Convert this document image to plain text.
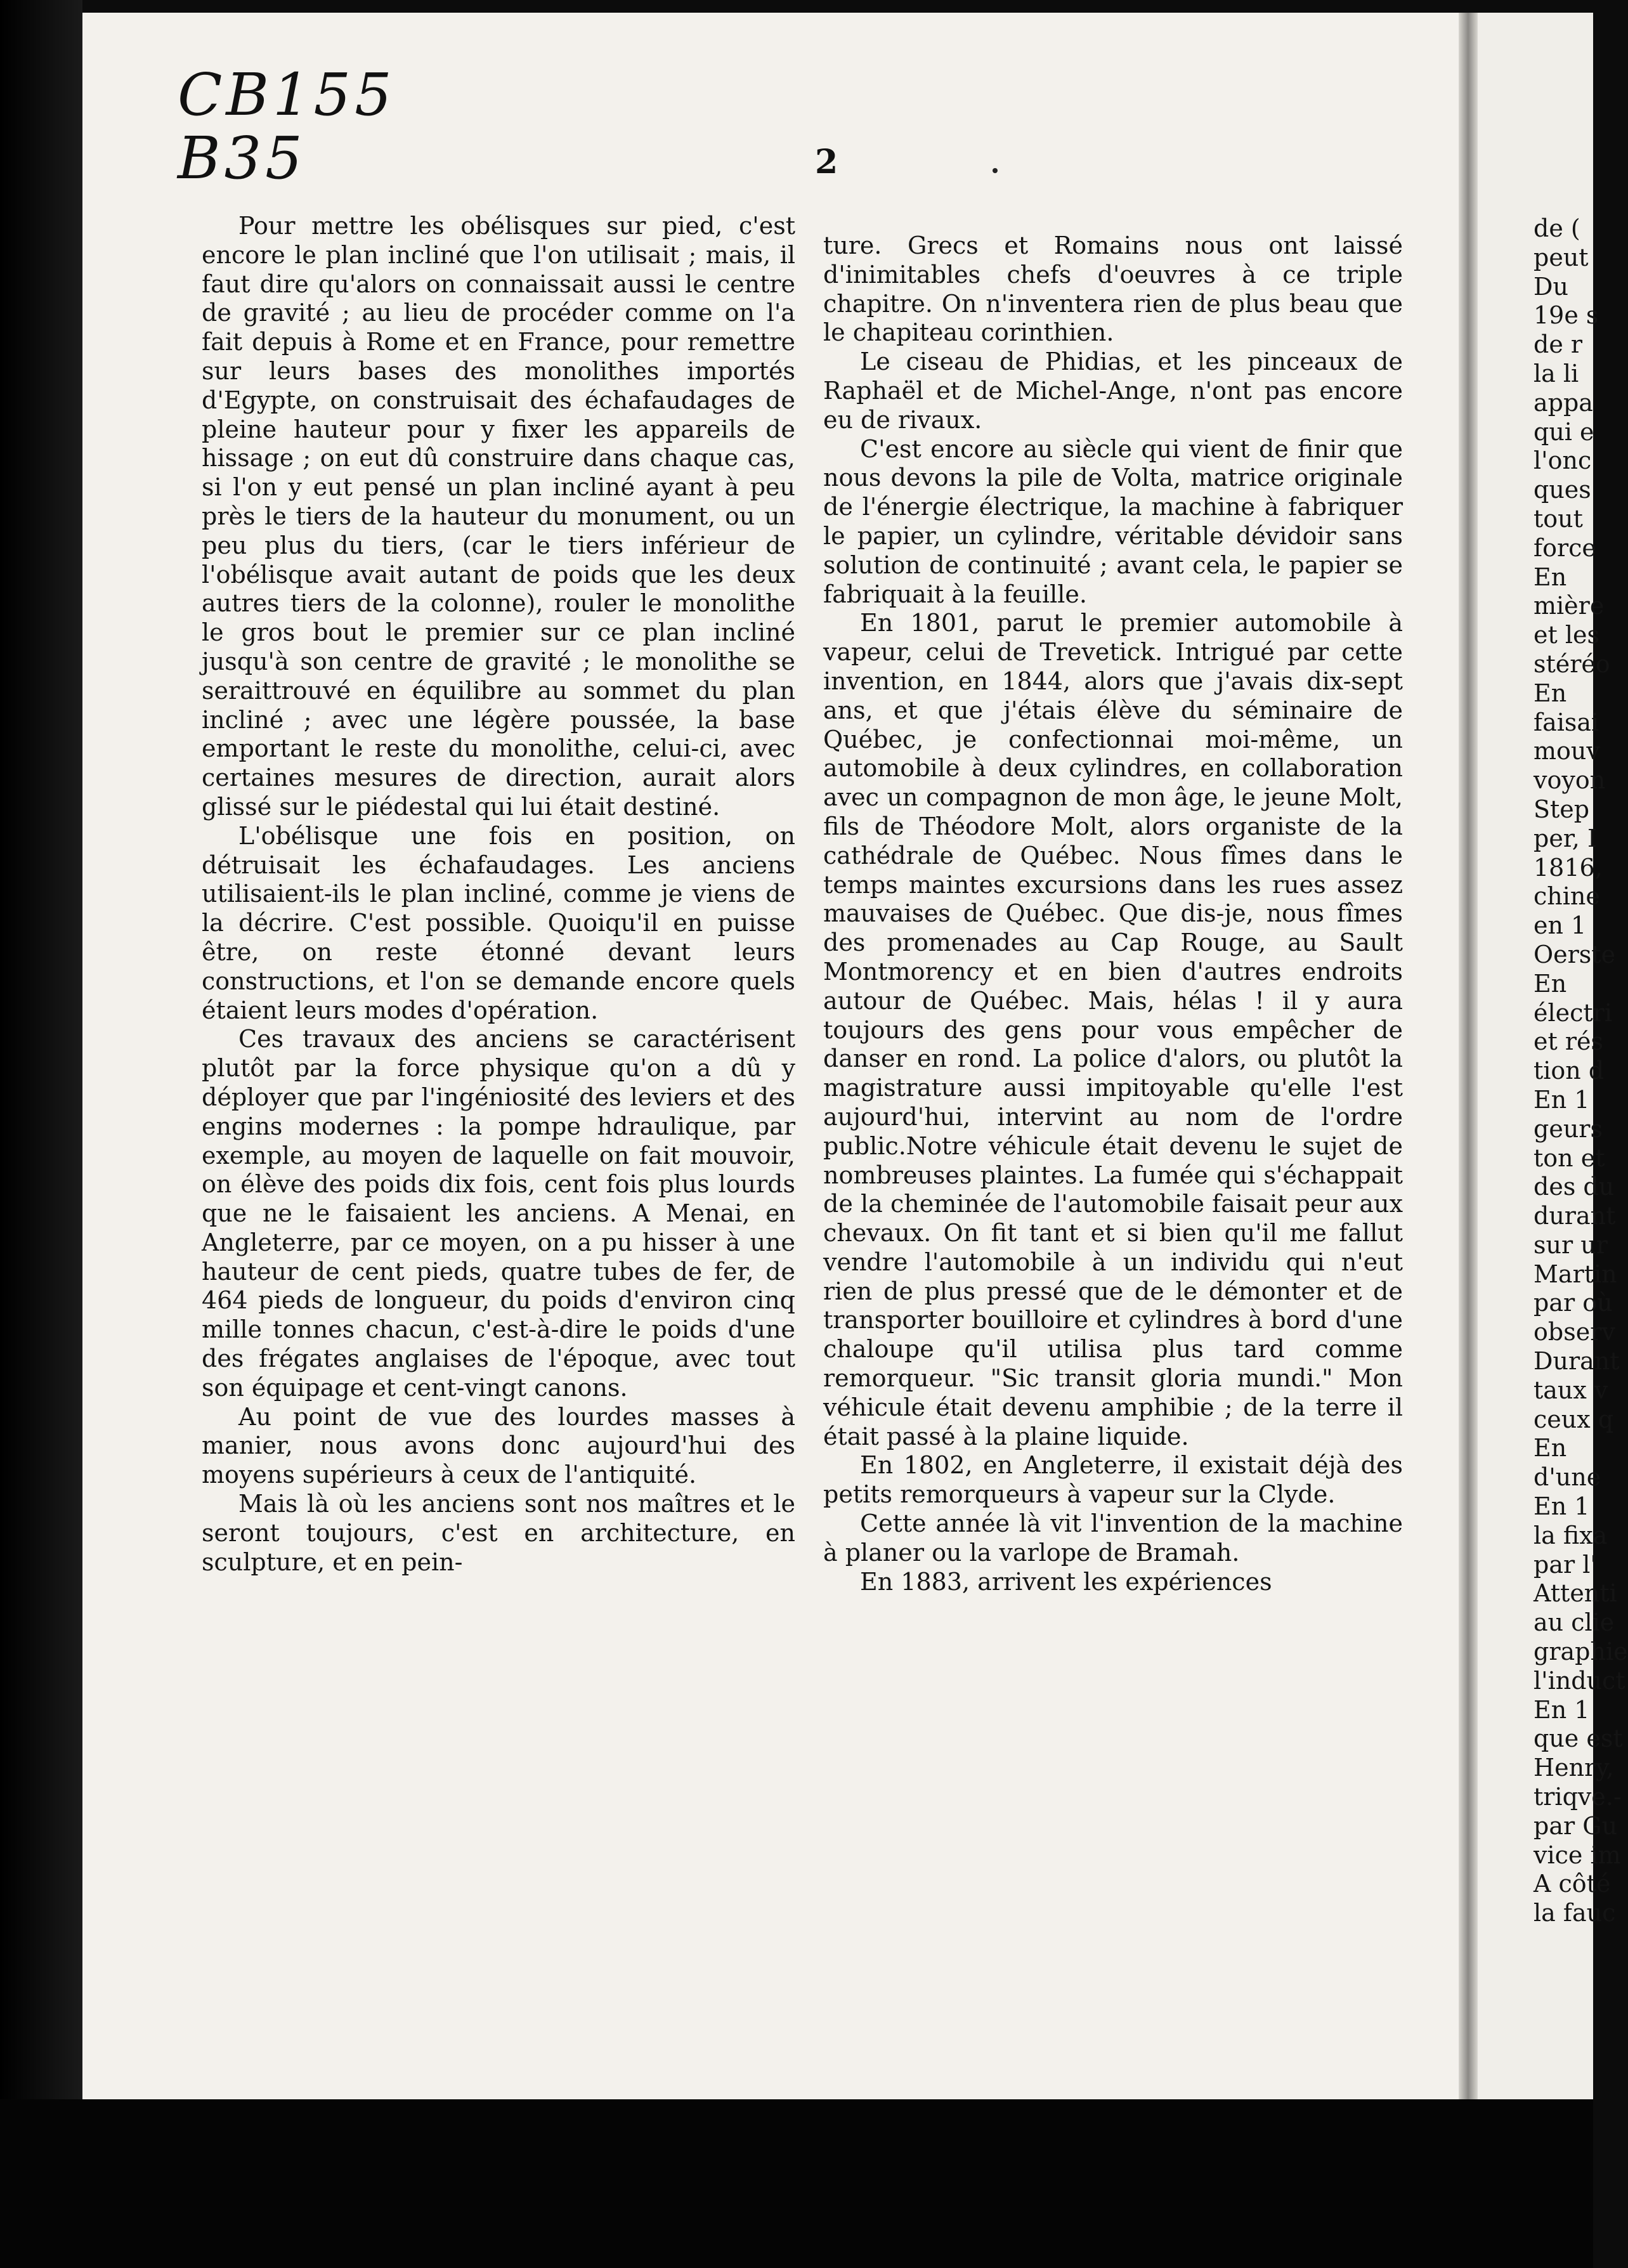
CB155
B35	2

Pour mettre les obélisques sur pied, c'est encore le plan incliné que l'on utilisait ; mais, il faut dire qu'alors on connaissait aussi le centre de gravité ; au lieu de procéder comme on l'a fait depuis à Rome et en France, pour remettre sur leurs bases des monolithes importés d'Egypte, on construisait des échafaudages de pleine hauteur pour y fixer les appareils de hissage ; on eut dû construire dans chaque cas, si l'on y eut pensé un plan incliné ayant à peu près le tiers de la hauteur du monument, ou un peu plus du tiers, (car le tiers inférieur de l'obélisque avait autant de poids que les deux autres tiers de la colonne), rouler le monolithe le gros bout le premier sur ce plan incliné jusqu'à son centre de gravité ; le monolithe se seraittrouvé en équilibre au sommet du plan incliné ; avec une légère poussée, la base emportant le reste du monolithe, celui-ci, avec certaines mesures de direction, aurait alors glissé sur le piédestal qui lui était destiné.

L'obélisque une fois en position, on détruisait les échafaudages. Les anciens utilisaient-ils le plan incliné, comme je viens de la décrire. C'est possible. Quoiqu'il en puisse être, on reste étonné devant leurs constructions, et l'on se demande encore quels étaient leurs modes d'opération.

Ces travaux des anciens se caractérisent plutôt par la force physique qu'on a dû y déployer que par l'ingéniosité des leviers et des engins modernes : la pompe hdraulique, par exemple, au moyen de laquelle on fait mouvoir, on élève des poids dix fois, cent fois plus lourds que ne le faisaient les anciens. A Menai, en Angleterre, par ce moyen, on a pu hisser à une hauteur de cent pieds, quatre tubes de fer, de 464 pieds de longueur, du poids d'environ cinq mille tonnes chacun, c'est-à-dire le poids d'une des frégates anglaises de l'époque, avec tout son équipage et cent-vingt canons.

Au point de vue des lourdes masses à manier, nous avons donc aujourd'hui des moyens supérieurs à ceux de l'antiquité.

Mais là où les anciens sont nos maîtres et le seront toujours, c'est en architecture, en sculpture, et en pein-

ture. Grecs et Romains nous ont laissé d'inimitables chefs d'oeuvres à ce triple chapitre. On n'inventera rien de plus beau que le chapiteau corinthien.

Le ciseau de Phidias, et les pinceaux de Raphaël et de Michel-Ange, n'ont pas encore eu de rivaux.

C'est encore au siècle qui vient de finir que nous devons la pile de Volta, matrice originale de l'énergie électrique, la machine à fabriquer le papier, un cylindre, véritable dévidoir sans solution de continuité ; avant cela, le papier se fabriquait à la feuille.

En 1801, parut le premier automobile à vapeur, celui de Trevetick. Intrigué par cette invention, en 1844, alors que j'avais dix-sept ans, et que j'étais élève du séminaire de Québec, je confectionnai moi-même, un automobile à deux cylindres, en collaboration avec un compagnon de mon âge, le jeune Molt, fils de Théodore Molt, alors organiste de la cathédrale de Québec. Nous fîmes dans le temps maintes excursions dans les rues assez mauvaises de Québec. Que dis-je, nous fîmes des promenades au Cap Rouge, au Sault Montmorency et en bien d'autres endroits autour de Québec. Mais, hélas ! il y aura toujours des gens pour vous empêcher de danser en rond. La police d'alors, ou plutôt la magistrature aussi impitoyable qu'elle l'est aujourd'hui, intervint au nom de l'ordre public.Notre véhicule était devenu le sujet de nombreuses plaintes. La fumée qui s'échappait de la cheminée de l'automobile faisait peur aux chevaux. On fit tant et si bien qu'il me fallut vendre l'automobile à un individu qui n'eut rien de plus pressé que de le démonter et de transporter bouilloire et cylindres à bord d'une chaloupe qu'il utilisa plus tard comme remorqueur. "Sic transit gloria mundi." Mon véhicule était devenu amphibie ; de la terre il était passé à la plaine liquide.

En 1802, en Angleterre, il existait déjà des petits remorqueurs à vapeur sur la Clyde.

Cette année là vit l'invention de la machine à planer ou la varlope de Bramah.

En 1883, arrivent les expériences

de (
peut
Du
19e s
de r
la li
appa
qui e
l'onc
ques
tout
force
En
mière
et les
stéréo
En
faisai
mouv
voyon
Step
per, I
1816,
chine
en 1
Oerste
En
électri
et rés
tion d
En 1
geurs
ton et
des du
durant
sur ur
Martin
par où
observ
Durant
taux v
ceux q
En
d'une
En 1
la fixa
par l'
Attenti
au clie
graphie
l'induct
En 1
que est
Henry,
triqve.-
par Gu
vice im
A côté
la fauc
